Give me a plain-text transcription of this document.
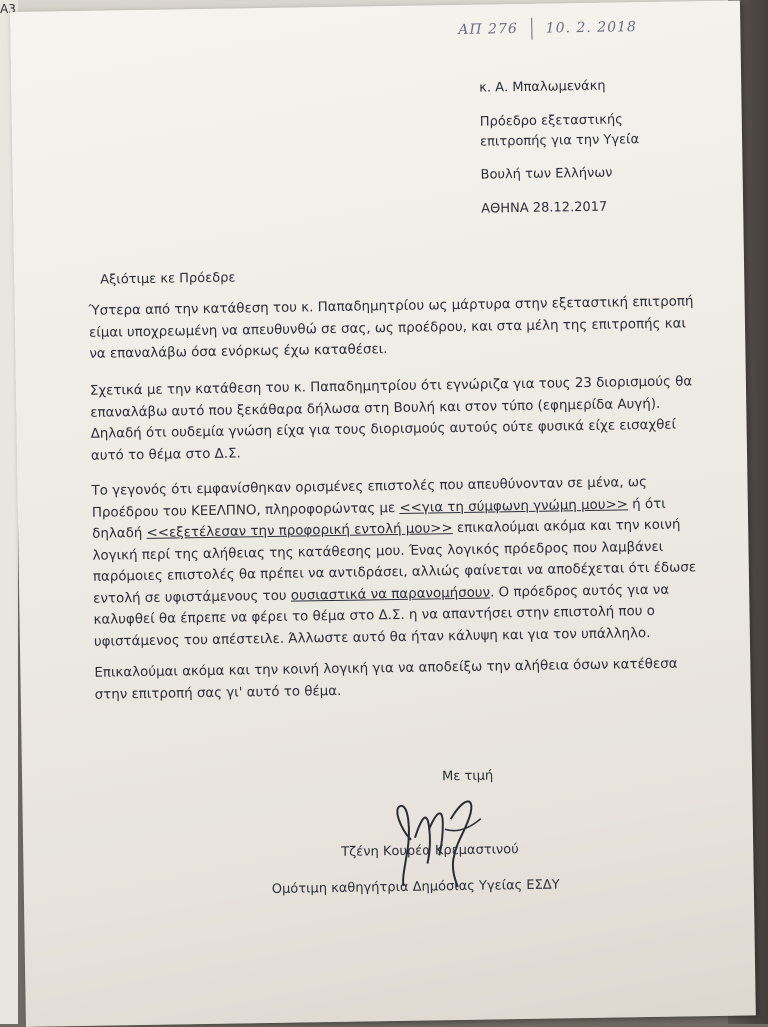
Α3
ΑΠ 276 10. 2. 2018
κ. Α. Μπαλωμενάκη
Πρόεδρο εξεταστικής
επιτροπής για την Υγεία
Βουλή των Ελλήνων
ΑΘΗΝΑ 28.12.2017
Αξιότιμε κε Πρόεδρε
Ύστερα από την κατάθεση του κ. Παπαδημητρίου ως μάρτυρα στην εξεταστική επιτροπή
είμαι υποχρεωμένη να απευθυνθώ σε σας, ως προέδρου, και στα μέλη της επιτροπής και
να επαναλάβω όσα ενόρκως έχω καταθέσει.
Σχετικά με την κατάθεση του κ. Παπαδημητρίου ότι εγνώριζα για τους 23 διορισμούς θα
επαναλάβω αυτό που ξεκάθαρα δήλωσα στη Βουλή και στον τύπο (εφημερίδα Αυγή).
Δηλαδή ότι ουδεμία γνώση είχα για τους διορισμούς αυτούς ούτε φυσικά είχε εισαχθεί
αυτό το θέμα στο Δ.Σ.
Το γεγονός ότι εμφανίσθηκαν ορισμένες επιστολές που απευθύνονταν σε μένα, ως
Προέδρου του ΚΕΕΛΠΝΟ, πληροφορώντας με <<για τη σύμφωνη γνώμη μου>> ή ότι
δηλαδή <<εξετέλεσαν την προφορική εντολή μου>> επικαλούμαι ακόμα και την κοινή
λογική περί της αλήθειας της κατάθεσης μου. Ένας λογικός πρόεδρος που λαμβάνει
παρόμοιες επιστολές θα πρέπει να αντιδράσει, αλλιώς φαίνεται να αποδέχεται ότι έδωσε
εντολή σε υφιστάμενους του ουσιαστικά να παρανομήσουν. Ο πρόεδρος αυτός για να
καλυφθεί θα έπρεπε να φέρει το θέμα στο Δ.Σ. η να απαντήσει στην επιστολή που ο
υφιστάμενος του απέστειλε. Άλλωστε αυτό θα ήταν κάλυψη και για τον υπάλληλο.
Επικαλούμαι ακόμα και την κοινή λογική για να αποδείξω την αλήθεια όσων κατέθεσα
στην επιτροπή σας γι' αυτό το θέμα.
Με τιμή
Τζένη Κουρέα Κρεμαστινού
Ομότιμη καθηγήτρια Δημόσιας Υγείας ΕΣΔΥ
